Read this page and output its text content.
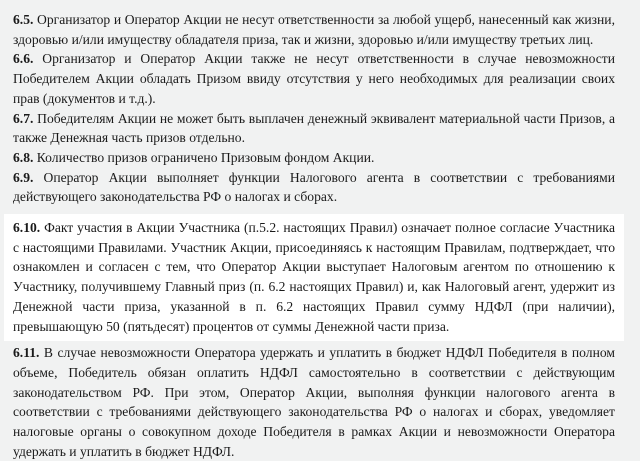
6.5. Организатор и Оператор Акции не несут ответственности за любой ущерб, нанесенный как жизни, здоровью и/или имуществу обладателя приза, так и жизни, здоровью и/или имуществу третьих лиц.

6.6. Организатор и Оператор Акции также не несут ответственности в случае невозможности Победителем Акции обладать Призом ввиду отсутствия у него необходимых для реализации своих прав (документов и т.д.).

6.7. Победителям Акции не может быть выплачен денежный эквивалент материальной части Призов, а также Денежная часть призов отдельно.

6.8. Количество призов ограничено Призовым фондом Акции.

6.9. Оператор Акции выполняет функции Налогового агента в соответствии с требованиями действующего законодательства РФ о налогах и сборах.

6.10. Факт участия в Акции Участника (п.5.2. настоящих Правил) означает полное согласие Участника с настоящими Правилами. Участник Акции, присоединяясь к настоящим Правилам, подтверждает, что ознакомлен и согласен с тем, что Оператор Акции выступает Налоговым агентом по отношению к Участнику, получившему Главный приз (п. 6.2 настоящих Правил) и, как Налоговый агент, удержит из Денежной части приза, указанной в п. 6.2 настоящих Правил сумму НДФЛ (при наличии), превышающую 50 (пятьдесят) процентов от суммы Денежной части приза.

6.11. В случае невозможности Оператора удержать и уплатить в бюджет НДФЛ Победителя в полном объеме, Победитель обязан оплатить НДФЛ самостоятельно в соответствии с действующим законодательством РФ. При этом, Оператор Акции, выполняя функции налогового агента в соответствии с требованиями действующего законодательства РФ о налогах и сборах, уведомляет налоговые органы о совокупном доходе Победителя в рамках Акции и невозможности Оператора удержать и уплатить в бюджет НДФЛ.
